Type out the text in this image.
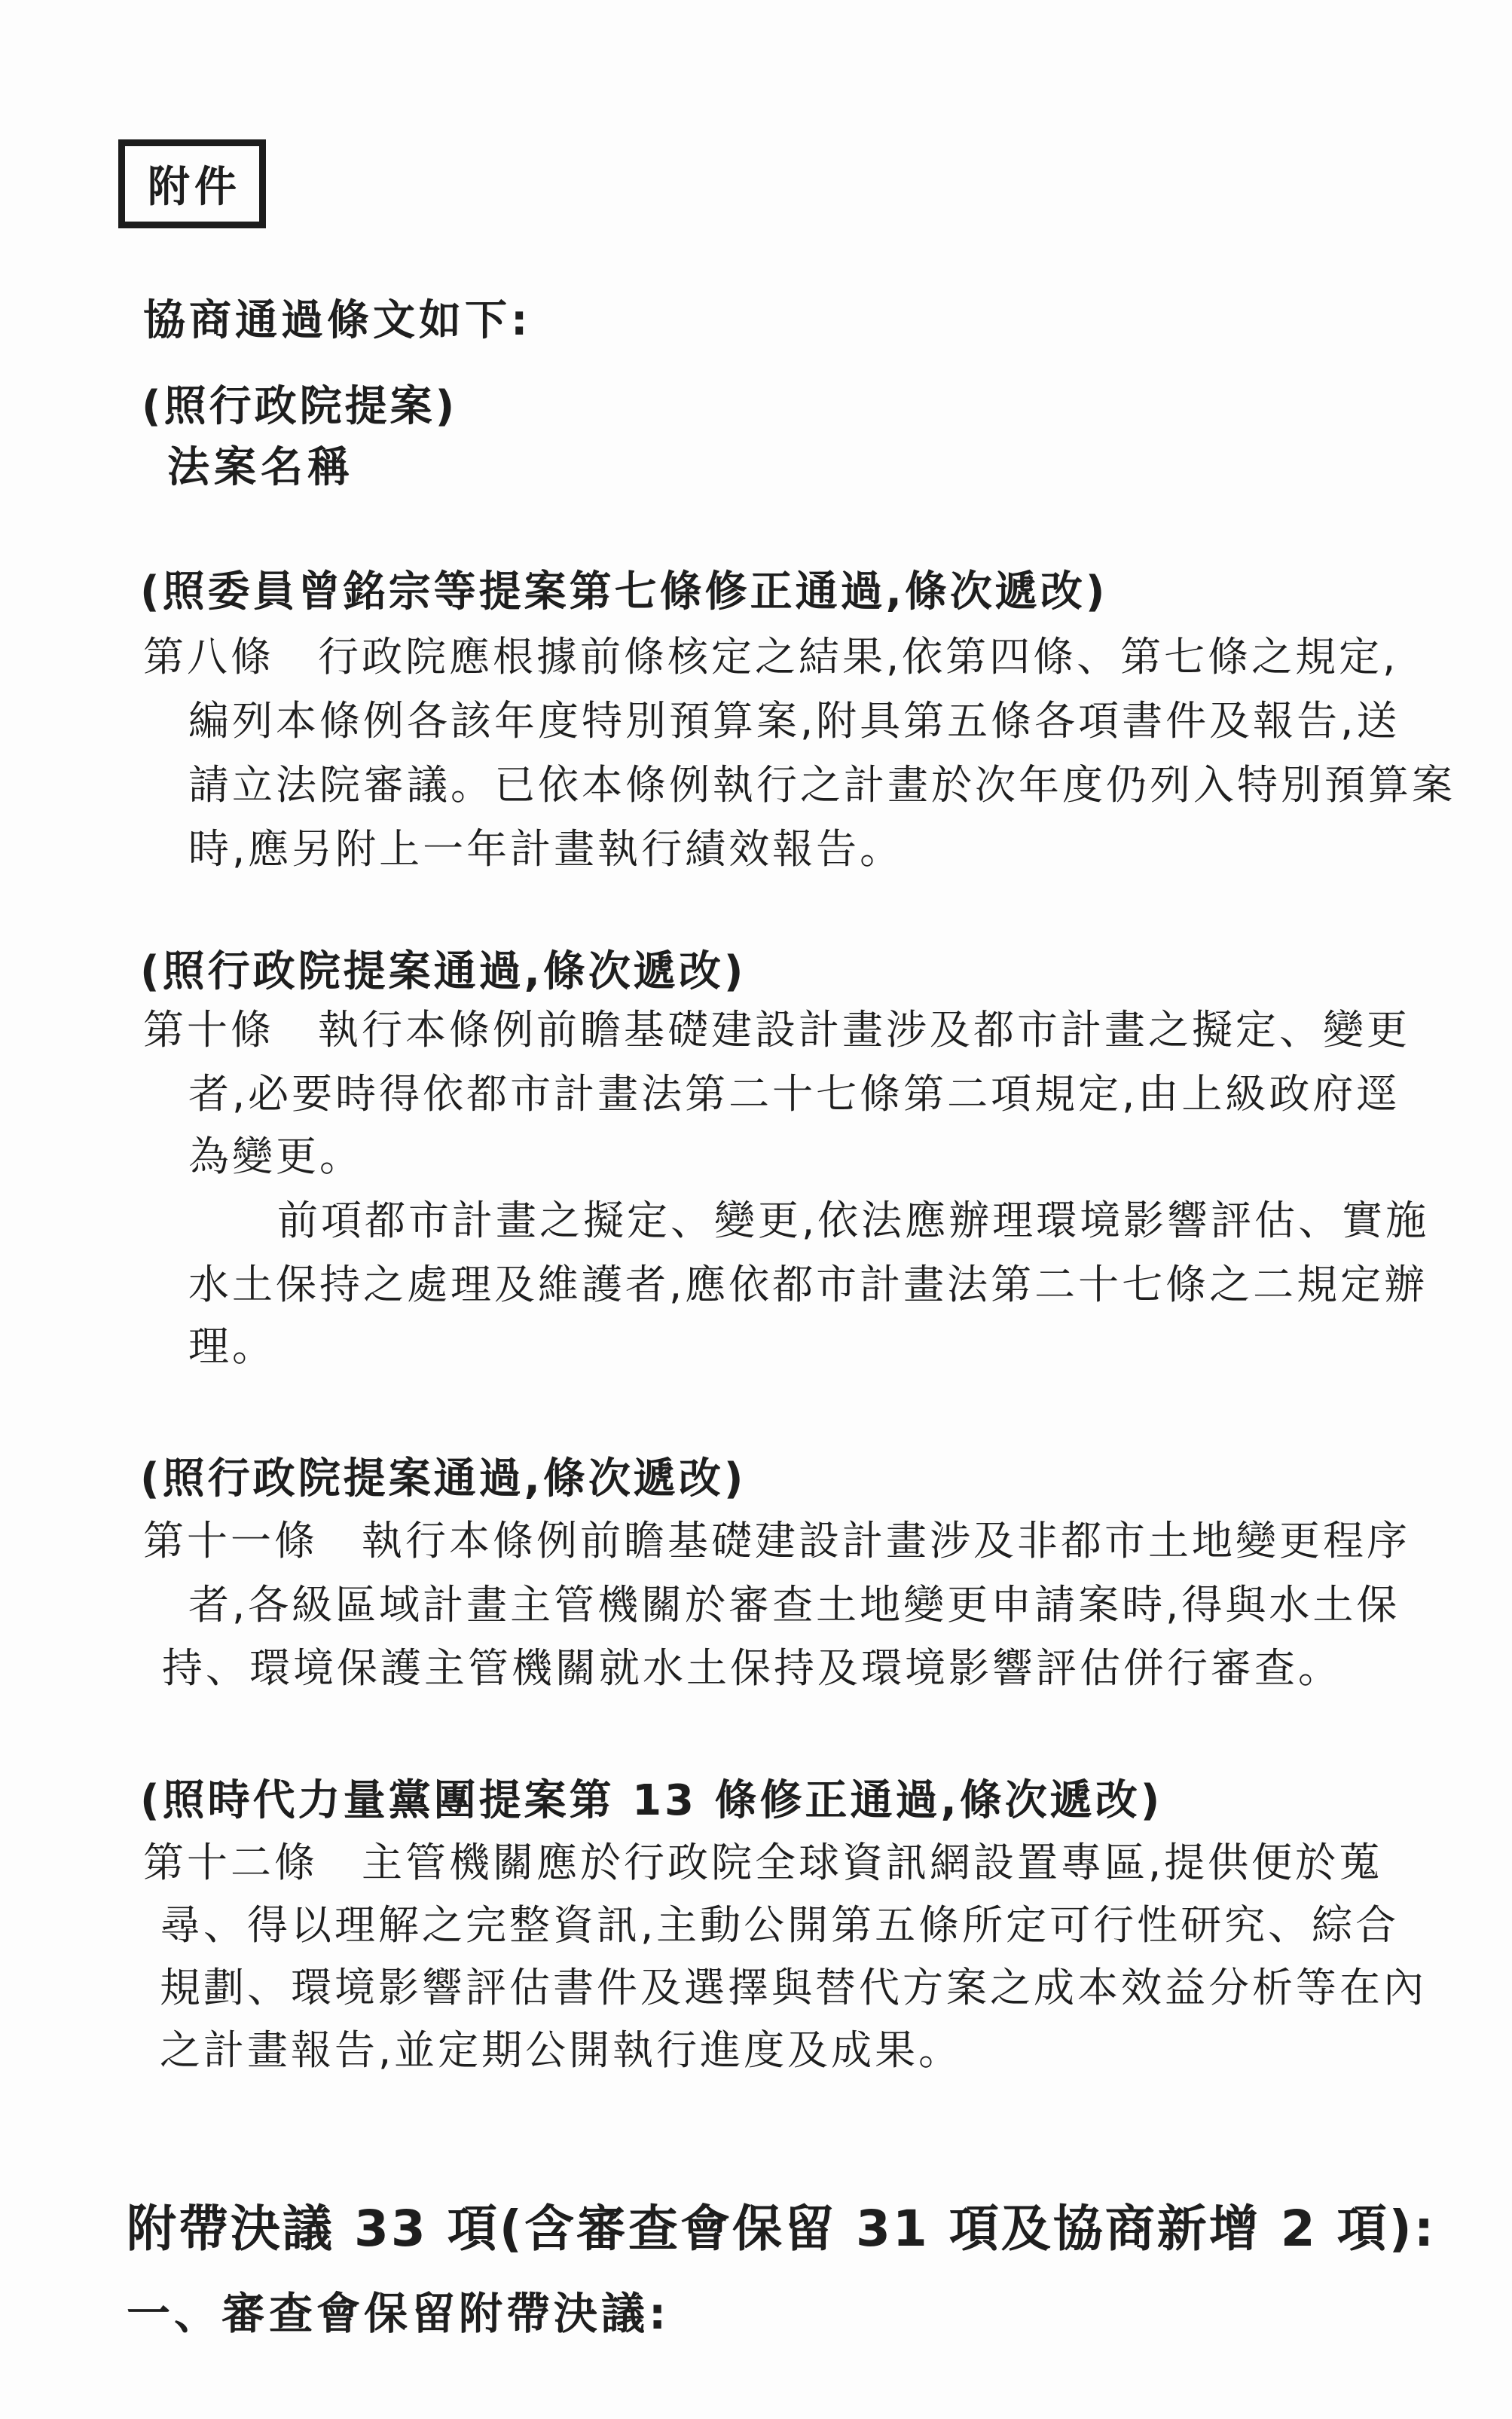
附件
協商通過條文如下:
(照行政院提案)
法案名稱
(照委員曾銘宗等提案第七條修正通過,條次遞改)
第八條　行政院應根據前條核定之結果,依第四條、第七條之規定,
編列本條例各該年度特別預算案,附具第五條各項書件及報告,送
請立法院審議。已依本條例執行之計畫於次年度仍列入特別預算案
時,應另附上一年計畫執行績效報告。
(照行政院提案通過,條次遞改)
第十條　執行本條例前瞻基礎建設計畫涉及都市計畫之擬定、變更
者,必要時得依都市計畫法第二十七條第二項規定,由上級政府逕
為變更。
前項都市計畫之擬定、變更,依法應辦理環境影響評估、實施
水土保持之處理及維護者,應依都市計畫法第二十七條之二規定辦
理。
(照行政院提案通過,條次遞改)
第十一條　執行本條例前瞻基礎建設計畫涉及非都市土地變更程序
者,各級區域計畫主管機關於審查土地變更申請案時,得與水土保
持、環境保護主管機關就水土保持及環境影響評估併行審查。
(照時代力量黨團提案第 13 條修正通過,條次遞改)
第十二條　主管機關應於行政院全球資訊網設置專區,提供便於蒐
尋、得以理解之完整資訊,主動公開第五條所定可行性研究、綜合
規劃、環境影響評估書件及選擇與替代方案之成本效益分析等在內
之計畫報告,並定期公開執行進度及成果。
附帶決議 33 項(含審查會保留 31 項及協商新增 2 項):
一、審查會保留附帶決議:
